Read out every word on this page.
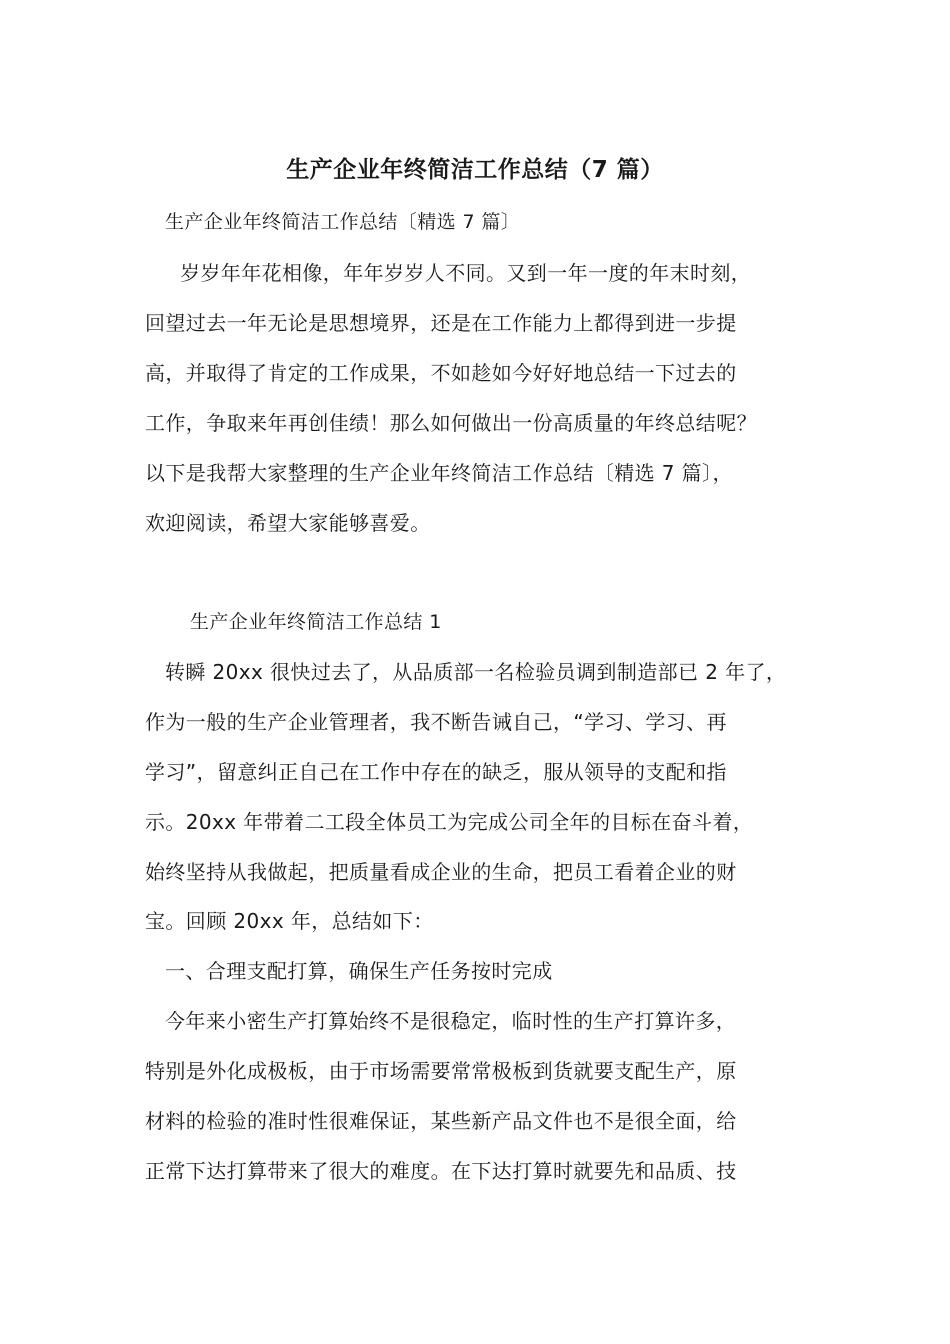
生产企业年终简洁工作总结（7 篇）
生产企业年终简洁工作总结〔精选 7 篇〕
岁岁年年花相像，年年岁岁人不同。又到一年一度的年末时刻，
回望过去一年无论是思想境界，还是在工作能力上都得到进一步提
高，并取得了肯定的工作成果，不如趁如今好好地总结一下过去的
工作，争取来年再创佳绩！那么如何做出一份高质量的年终总结呢？
以下是我帮大家整理的生产企业年终简洁工作总结〔精选 7 篇〕，
欢迎阅读，希望大家能够喜爱。
生产企业年终简洁工作总结 1
转瞬 20xx 很快过去了，从品质部一名检验员调到制造部已 2 年了，
作为一般的生产企业管理者，我不断告诫自己，“学习、学习、再
学习”，留意纠正自己在工作中存在的缺乏，服从领导的支配和指
示。20xx 年带着二工段全体员工为完成公司全年的目标在奋斗着，
始终坚持从我做起，把质量看成企业的生命，把员工看着企业的财
宝。回顾 20xx 年，总结如下：
一、合理支配打算，确保生产任务按时完成
今年来小密生产打算始终不是很稳定，临时性的生产打算许多，
特别是外化成极板，由于市场需要常常极板到货就要支配生产，原
材料的检验的准时性很难保证，某些新产品文件也不是很全面，给
正常下达打算带来了很大的难度。在下达打算时就要先和品质、技
